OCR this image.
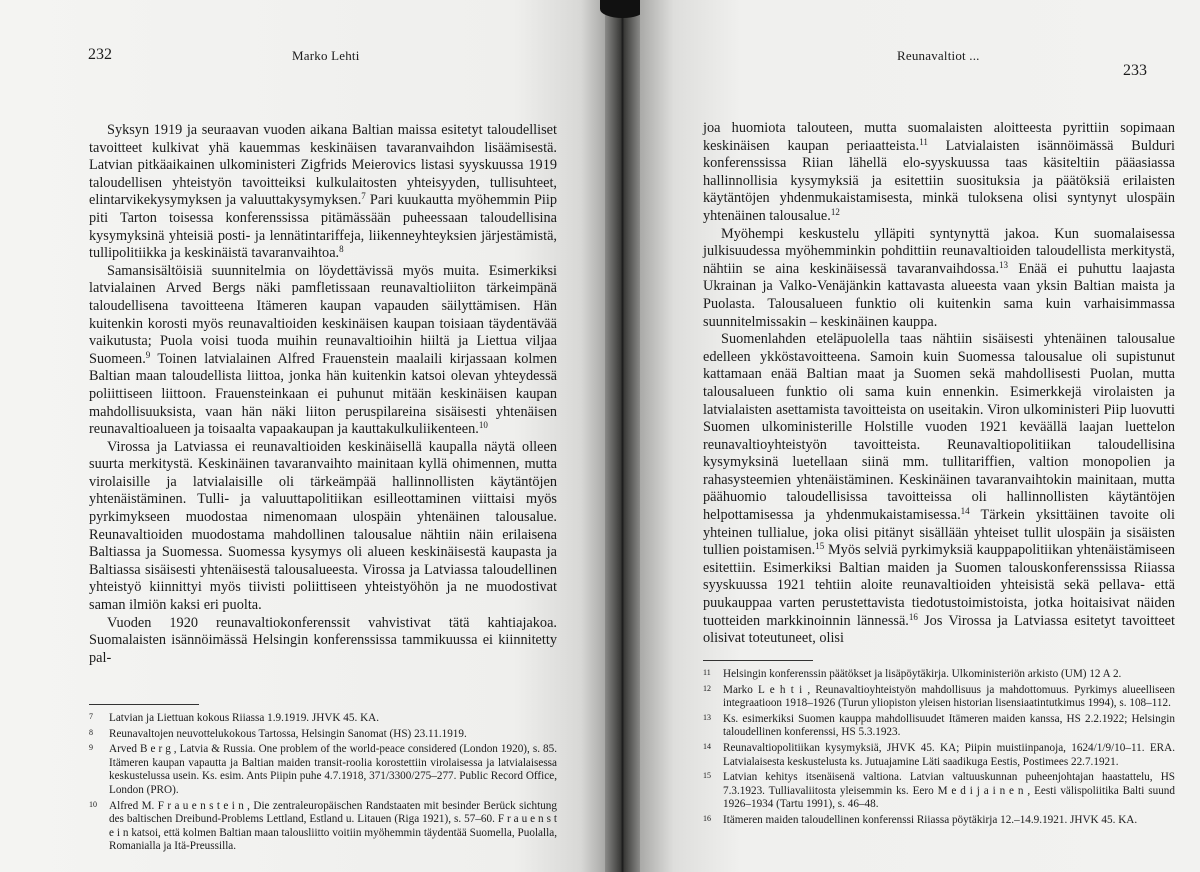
232	Marko Lehti

Syksyn 1919 ja seuraavan vuoden aikana Baltian maissa esitetyt taloudelliset tavoitteet kulkivat yhä kauemmas keskinäisen tavaranvaihdon lisäämisestä. Latvian pitkäaikainen ulkoministeri Zigfrids Meierovics listasi syyskuussa 1919 taloudellisen yhteistyön tavoitteiksi kulkulaitosten yhteisyyden, tullisuhteet, elintarvikekysymyksen ja valuuttakysymyksen.$^7$ Pari kuukautta myöhemmin Piip piti Tarton toisessa konferenssissa pitämässään puheessaan taloudellisina kysymyksinä yhteisiä posti- ja lennätintariffeja, liikenneyhteyksien järjestämistä, tullipolitiikka ja keskinäistä tavaranvaihtoa.$^8$

Samansisältöisiä suunnitelmia on löydettävissä myös muita. Esimerkiksi latvialainen Arved Bergs näki pamfletissaan reunavaltioliiton tärkeimpänä taloudellisena tavoitteena Itämeren kaupan vapauden säilyttämisen. Hän kuitenkin korosti myös reunavaltioiden keskinäisen kaupan toisiaan täydentävää vaikutusta; Puola voisi tuoda muihin reunavaltioihin hiiltä ja Liettua viljaa Suomeen.$^9$ Toinen latvialainen Alfred Frauenstein maalaili kirjassaan kolmen Baltian maan taloudellista liittoa, jonka hän kuitenkin katsoi olevan yhteydessä poliittiseen liittoon. Frauensteinkaan ei puhunut mitään keskinäisen kaupan mahdollisuuksista, vaan hän näki liiton peruspilareina sisäisesti yhtenäisen reunavaltioalueen ja toisaalta vapaakaupan ja kauttakulkuliikenteen.$^{10}$

Virossa ja Latviassa ei reunavaltioiden keskinäisellä kaupalla näytä olleen suurta merkitystä. Keskinäinen tavaranvaihto mainitaan kyllä ohimennen, mutta virolaisille ja latvialaisille oli tärkeämpää hallinnollisten käytäntöjen yhtenäistäminen. Tulli- ja valuuttapolitiikan esilleottaminen viittaisi myös pyrkimykseen muodostaa nimenomaan ulospäin yhtenäinen talousalue. Reunavaltioiden muodostama mahdollinen talousalue nähtiin näin erilaisena Baltiassa ja Suomessa. Suomessa kysymys oli alueen keskinäisestä kaupasta ja Baltiassa sisäisesti yhtenäisestä talousalueesta. Virossa ja Latviassa taloudellinen yhteistyö kiinnittyi myös tiivisti poliittiseen yhteistyöhön ja ne muodostivat saman ilmiön kaksi eri puolta.

Vuoden 1920 reunavaltiokonferenssit vahvistivat tätä kahtiajakoa. Suomalaisten isännöimässä Helsingin konferenssissa tammikuussa ei kiinnitetty pal-

7 Latvian ja Liettuan kokous Riiassa 1.9.1919. JHVK 45. KA.
8 Reunavaltojen neuvottelukokous Tartossa, Helsingin Sanomat (HS) 23.11.1919.
9 Arved B e r g , Latvia & Russia. One problem of the world-peace considered (London 1920), s. 85. Itämeren kaupan vapautta ja Baltian maiden transit-roolia korostettiin virolaisessa ja latvialaisessa keskustelussa usein. Ks. esim. Ants Piipin puhe 4.7.1918, 371/3300/275–277. Public Record Office, London (PRO).
10 Alfred M. F r a u e n s t e i n , Die zentraleuropäischen Randstaaten mit besinder Berück sichtung des baltischen Dreibund-Problems Lettland, Estland u. Litauen (Riga 1921), s. 57–60. F r a u e n s t e i n katsoi, että kolmen Baltian maan talousliitto voitiin myöhemmin täydentää Suomella, Puolalla, Romanialla ja Itä-Preussilla.
Reunavaltiot ...
233

joa huomiota talouteen, mutta suomalaisten aloitteesta pyrittiin sopimaan keskinäisen kaupan periaatteista.$^{11}$ Latvialaisten isännöimässä Bulduri konferenssissa Riian lähellä elo-syyskuussa taas käsiteltiin pääasiassa hallinnollisia kysymyksiä ja esitettiin suosituksia ja päätöksiä erilaisten käytäntöjen yhdenmukaistamisesta, minkä tuloksena olisi syntynyt ulospäin yhtenäinen talousalue.$^{12}$

Myöhempi keskustelu ylläpiti syntynyttä jakoa. Kun suomalaisessa julkisuudessa myöhemminkin pohdittiin reunavaltioiden taloudellista merkitystä, nähtiin se aina keskinäisessä tavaranvaihdossa.$^{13}$ Enää ei puhuttu laajasta Ukrainan ja Valko-Venäjänkin kattavasta alueesta vaan yksin Baltian maista ja Puolasta. Talousalueen funktio oli kuitenkin sama kuin varhaisimmassa suunnitelmissakin – keskinäinen kauppa.

Suomenlahden eteläpuolella taas nähtiin sisäisesti yhtenäinen talousalue edelleen ykköstavoitteena. Samoin kuin Suomessa talousalue oli supistunut kattamaan enää Baltian maat ja Suomen sekä mahdollisesti Puolan, mutta talousalueen funktio oli sama kuin ennenkin. Esimerkkejä virolaisten ja latvialaisten asettamista tavoitteista on useitakin. Viron ulkoministeri Piip luovutti Suomen ulkoministerille Holstille vuoden 1921 keväällä laajan luettelon reunavaltioyhteistyön tavoitteista. Reunavaltiopolitiikan taloudellisina kysymyksinä luetellaan siinä mm. tullitariffien, valtion monopolien ja rahasysteemien yhtenäistäminen. Keskinäinen tavaranvaihtokin mainitaan, mutta päähuomio taloudellisissa tavoitteissa oli hallinnollisten käytäntöjen helpottamisessa ja yhdenmukaistamisessa.$^{14}$ Tärkein yksittäinen tavoite oli yhteinen tullialue, joka olisi pitänyt sisällään yhteiset tullit ulospäin ja sisäisten tullien poistamisen.$^{15}$ Myös selviä pyrkimyksiä kauppapolitiikan yhtenäistämiseen esitettiin. Esimerkiksi Baltian maiden ja Suomen talouskonferenssissa Riiassa syyskuussa 1921 tehtiin aloite reunavaltioiden yhteisistä sekä pellava- että puukauppaa varten perustettavista tiedotustoimistoista, jotka hoitaisivat näiden tuotteiden markkinoinnin lännessä.$^{16}$ Jos Virossa ja Latviassa esitetyt tavoitteet olisivat toteutuneet, olisi

11 Helsingin konferenssin päätökset ja lisäpöytäkirja. Ulkoministeriön arkisto (UM) 12 A 2.
12 Marko L e h t i , Reunavaltioyhteistyön mahdollisuus ja mahdottomuus. Pyrkimys alueelliseen integraatioon 1918–1926 (Turun yliopiston yleisen historian lisensiaatintutkimus 1994), s. 108–112.
13 Ks. esimerkiksi Suomen kauppa mahdollisuudet Itämeren maiden kanssa, HS 2.2.1922; Helsingin taloudellinen konferenssi, HS 5.3.1923.
14 Reunavaltiopolitiikan kysymyksiä, JHVK 45. KA; Piipin muistiinpanoja, 1624/1/9/10–11. ERA. Latvialaisesta keskustelusta ks. Jutuajamine Läti saadikuga Eestis, Postimees 22.7.1921.
15 Latvian kehitys itsenäisenä valtiona. Latvian valtuuskunnan puheenjohtajan haastattelu, HS 7.3.1923. Tulliavaliitosta yleisemmin ks. Eero M e d i j a i n e n , Eesti välispoliitika Balti suund 1926–1934 (Tartu 1991), s. 46–48.
16 Itämeren maiden taloudellinen konferenssi Riiassa pöytäkirja 12.–14.9.1921. JHVK 45. KA.
